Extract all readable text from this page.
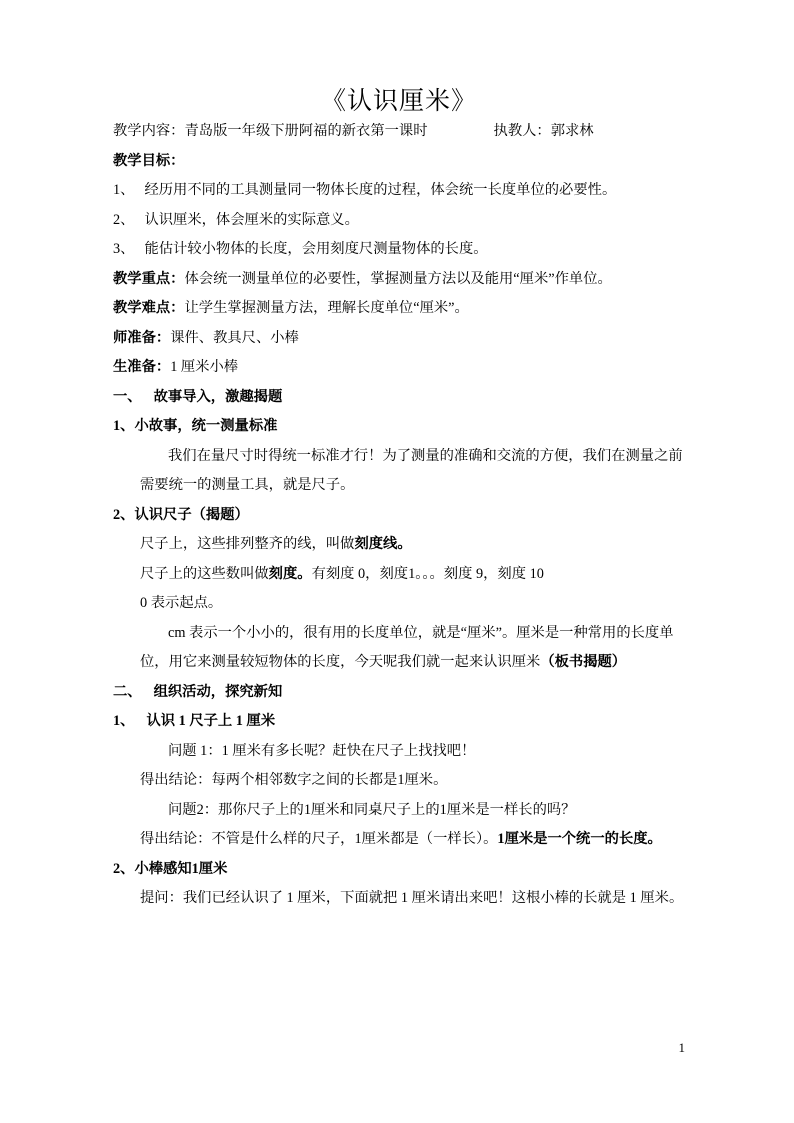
《认识厘米》
教学内容：青岛版一年级下册阿福的新衣第一课时	执教人：郭求林

教学目标：

1、 经历用不同的工具测量同一物体长度的过程，体会统一长度单位的必要性。

2、 认识厘米，体会厘米的实际意义。

3、 能估计较小物体的长度，会用刻度尺测量物体的长度。

教学重点：体会统一测量单位的必要性，掌握测量方法以及能用“厘米”作单位。

教学难点：让学生掌握测量方法，理解长度单位“厘米”。

师准备：课件、教具尺、小棒

生准备：1 厘米小棒

一、 故事导入，激趣揭题

1、小故事，统一测量标准

我们在量尺寸时得统一标准才行！为了测量的准确和交流的方便，我们在测量之前需要统一的测量工具，就是尺子。

2、认识尺子（揭题）

尺子上，这些排列整齐的线，叫做刻度线。

尺子上的这些数叫做刻度。有刻度 0，刻度1。。。刻度 9，刻度 10

0 表示起点。

cm 表示一个小小的，很有用的长度单位，就是“厘米”。厘米是一种常用的长度单位，用它来测量较短物体的长度，今天呢我们就一起来认识厘米（板书揭题）

二、 组织活动，探究新知

1、 认识 1 尺子上 1 厘米

问题 1：1 厘米有多长呢？赶快在尺子上找找吧！

得出结论：每两个相邻数字之间的长都是1厘米。

问题2：那你尺子上的1厘米和同桌尺子上的1厘米是一样长的吗？

得出结论：不管是什么样的尺子，1厘米都是（一样长）。1厘米是一个统一的长度。

2、小棒感知1厘米

提问：我们已经认识了 1 厘米，下面就把 1 厘米请出来吧！这根小棒的长就是 1 厘米。

1
